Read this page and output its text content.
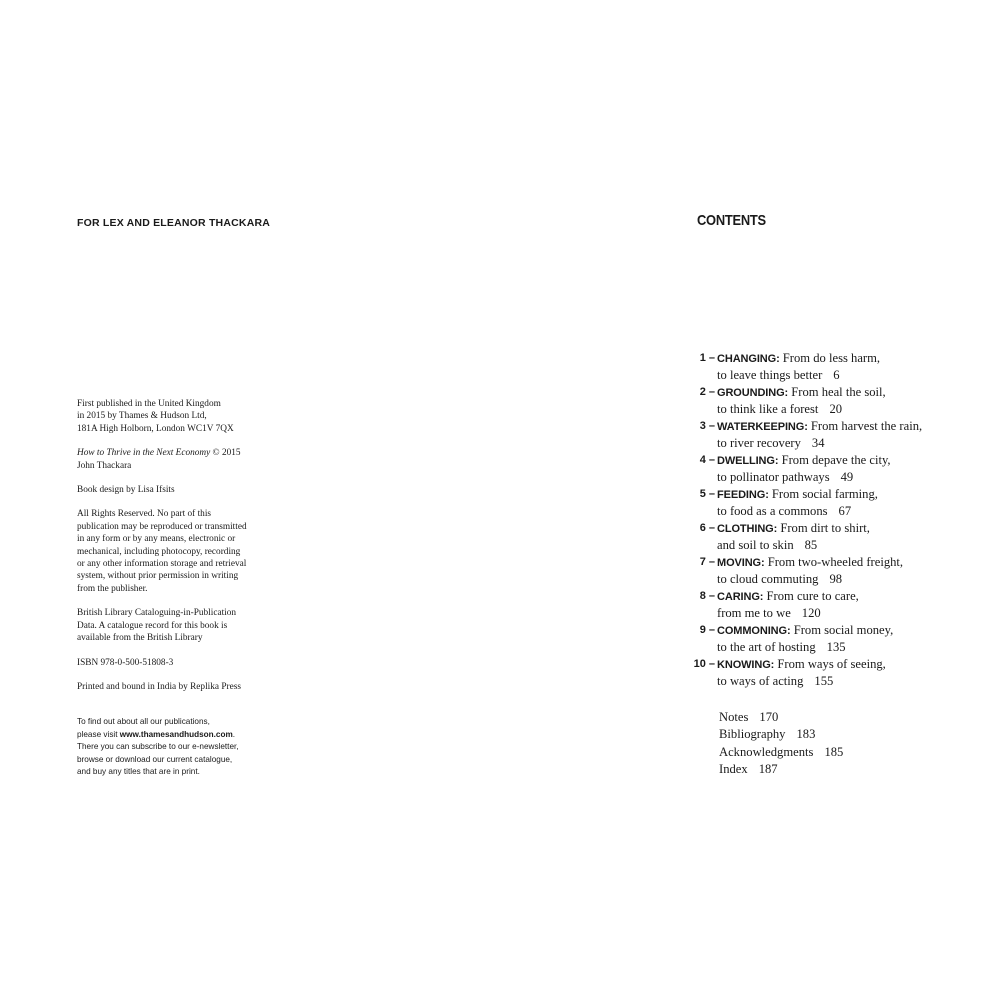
FOR LEX AND ELEANOR THACKARA

First published in the United Kingdom
in 2015 by Thames & Hudson Ltd,
181A High Holborn, London WC1V 7QX

How to Thrive in the Next Economy © 2015
John Thackara

Book design by Lisa Ifsits

All Rights Reserved. No part of this
publication may be reproduced or transmitted
in any form or by any means, electronic or
mechanical, including photocopy, recording
or any other information storage and retrieval
system, without prior permission in writing
from the publisher.

British Library Cataloguing-in-Publication
Data. A catalogue record for this book is
available from the British Library

ISBN 978-0-500-51808-3

Printed and bound in India by Replika Press

To find out about all our publications,
please visit www.thamesandhudson.com.
There you can subscribe to our e-newsletter,
browse or download our current catalogue,
and buy any titles that are in print.
CONTENTS
1 – CHANGING: From do less harm,
to leave things better 6
2 – GROUNDING: From heal the soil,
to think like a forest 20
3 – WATERKEEPING: From harvest the rain,
to river recovery 34
4 – DWELLING: From depave the city,
to pollinator pathways 49
5 – FEEDING: From social farming,
to food as a commons 67
6 – CLOTHING: From dirt to shirt,
and soil to skin 85
7 – MOVING: From two-wheeled freight,
to cloud commuting 98
8 – CARING: From cure to care,
from me to we 120
9 – COMMONING: From social money,
to the art of hosting 135
10 – KNOWING: From ways of seeing,
to ways of acting 155
Notes 170
Bibliography 183
Acknowledgments 185
Index 187
